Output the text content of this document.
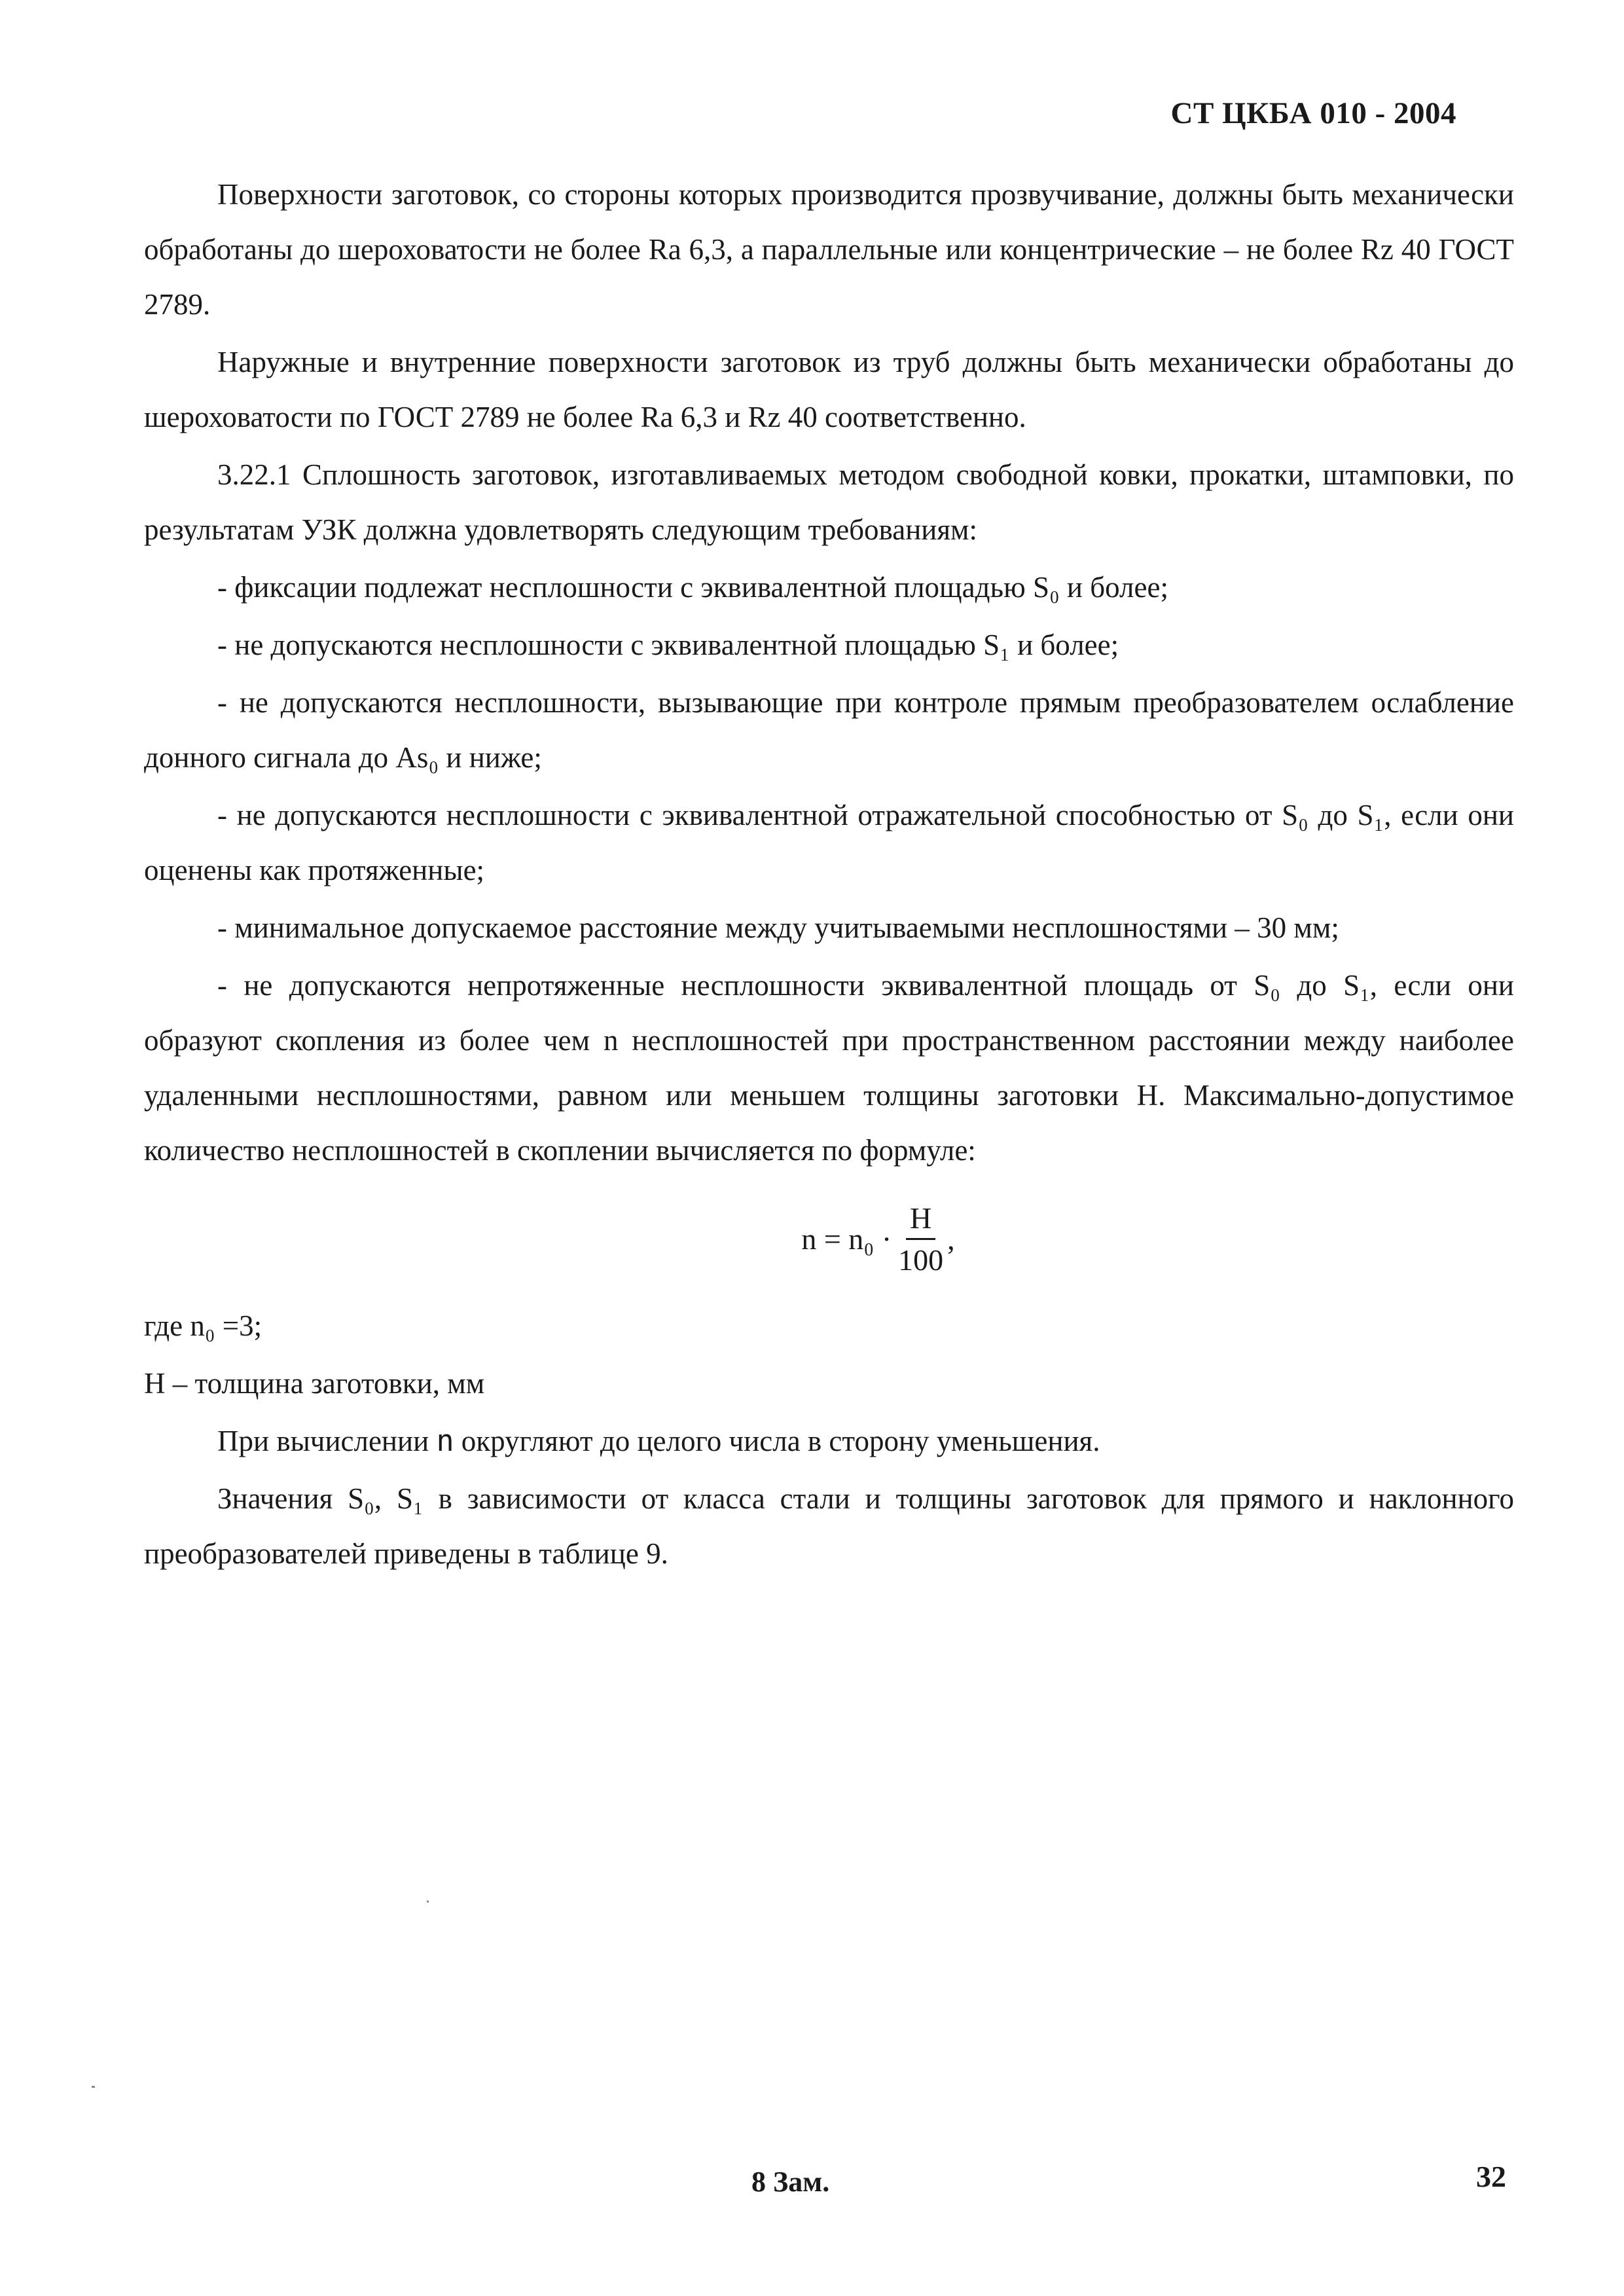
СТ ЦКБА 010 - 2004

Поверхности заготовок, со стороны которых производится прозвучивание, должны быть механически обработаны до шероховатости не более Ra 6,3, а параллельные или концентрические – не более Rz 40 ГОСТ 2789.

Наружные и внутренние поверхности заготовок из труб должны быть механически обработаны до шероховатости по ГОСТ 2789 не более Ra 6,3 и Rz 40 соответственно.

3.22.1 Сплошность заготовок, изготавливаемых методом свободной ковки, прокатки, штамповки, по результатам УЗК должна удовлетворять следующим требованиям:

- фиксации подлежат несплошности с эквивалентной площадью S₀ и более;

- не допускаются несплошности с эквивалентной площадью S₁ и более;

- не допускаются несплошности, вызывающие при контроле прямым преобразователем ослабление донного сигнала до As₀ и ниже;

- не допускаются несплошности с эквивалентной отражательной способностью от S₀ до S₁, если они оценены как протяженные;

- минимальное допускаемое расстояние между учитываемыми несплошностями – 30 мм;

- не допускаются непротяженные несплошности эквивалентной площадь от S₀ до S₁, если они образуют скопления из более чем n несплошностей при пространственном расстоянии между наиболее удаленными несплошностями, равном или меньшем толщины заготовки Н. Максимально-допустимое количество несплошностей в скоплении вычисляется по формуле:

$n = n_0 \cdot \frac{H}{100}$ ,

где n₀ =3;

Н – толщина заготовки, мм

При вычислении n округляют до целого числа в сторону уменьшения.

Значения S₀, S₁ в зависимости от класса стали и толщины заготовок для прямого и наклонного преобразователей приведены в таблице 9.

8 Зам.	32
